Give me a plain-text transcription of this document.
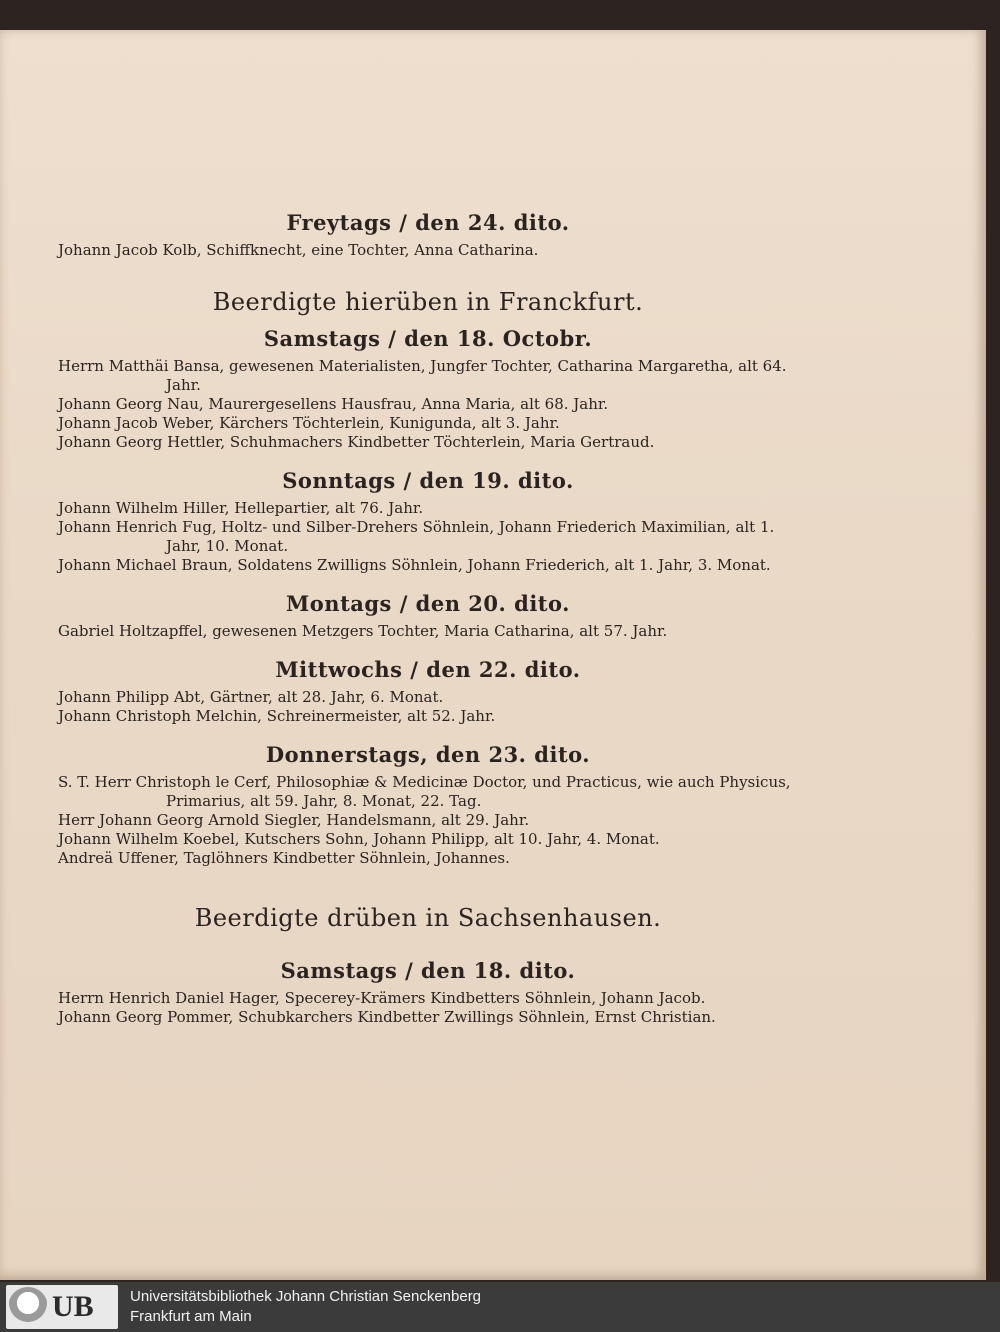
Freytags / den 24. dito.
Johann Jacob Kolb, Schiffknecht, eine Tochter, Anna Catharina.
Beerdigte hierüben in Franckfurt.
Samstags / den 18. Octobr.
Herrn Matthäi Bansa, gewesenen Materialisten, Jungfer Tochter, Catharina Margaretha, alt 64. Jahr.
Johann Georg Nau, Maurergesellens Hausfrau, Anna Maria, alt 68. Jahr.
Johann Jacob Weber, Kärchers Töchterlein, Kunigunda, alt 3. Jahr.
Johann Georg Hettler, Schuhmachers Kindbetter Töchterlein, Maria Gertraud.
Sonntags / den 19. dito.
Johann Wilhelm Hiller, Hellepartier, alt 76. Jahr.
Johann Henrich Fug, Holtz- und Silber-Drehers Söhnlein, Johann Friederich Maximilian, alt 1. Jahr, 10. Monat.
Johann Michael Braun, Soldatens Zwilligns Söhnlein, Johann Friederich, alt 1. Jahr, 3. Monat.
Montags / den 20. dito.
Gabriel Holtzapffel, gewesenen Metzgers Tochter, Maria Catharina, alt 57. Jahr.
Mittwochs / den 22. dito.
Johann Philipp Abt, Gärtner, alt 28. Jahr, 6. Monat.
Johann Christoph Melchin, Schreinermeister, alt 52. Jahr.
Donnerstags, den 23. dito.
S. T. Herr Christoph le Cerf, Philosophiæ & Medicinæ Doctor, und Practicus, wie auch Physicus, Primarius, alt 59. Jahr, 8. Monat, 22. Tag.
Herr Johann Georg Arnold Siegler, Handelsmann, alt 29. Jahr.
Johann Wilhelm Koebel, Kutschers Sohn, Johann Philipp, alt 10. Jahr, 4. Monat.
Andreä Uffener, Taglöhners Kindbetter Söhnlein, Johannes.
Beerdigte drüben in Sachsenhausen.
Samstags / den 18. dito.
Herrn Henrich Daniel Hager, Specerey-Krämers Kindbetters Söhnlein, Johann Jacob.
Johann Georg Pommer, Schubkarchers Kindbetter Zwillings Söhnlein, Ernst Christian.
UB Universitätsbibliothek Johann Christian Senckenberg
Frankfurt am Main
